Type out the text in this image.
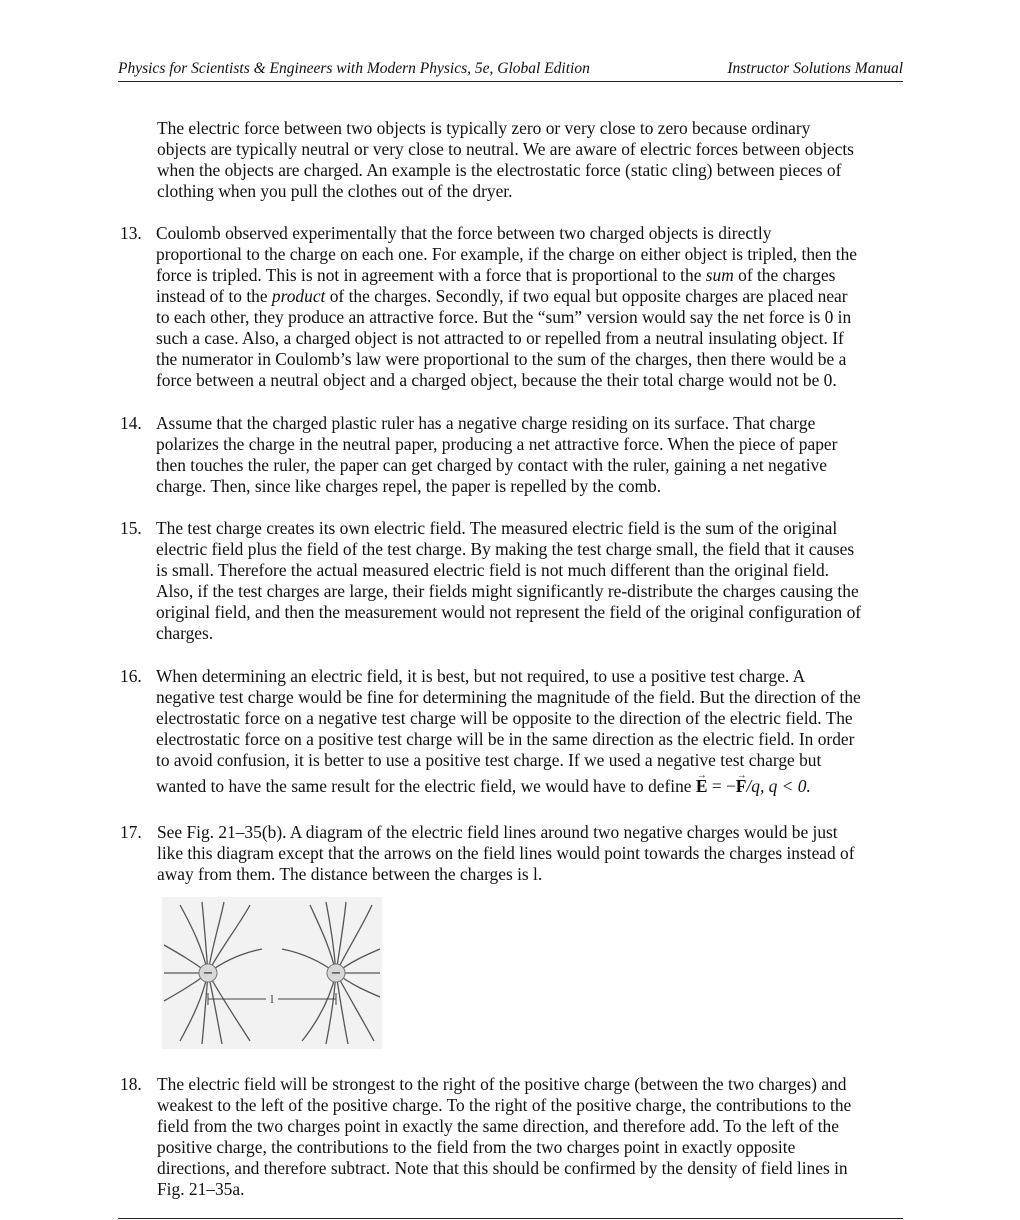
Physics for Scientists & Engineers with Modern Physics, 5e, Global Edition	Instructor Solutions Manual
The electric force between two objects is typically zero or very close to zero because ordinary
objects are typically neutral or very close to neutral. We are aware of electric forces between objects
when the objects are charged. An example is the electrostatic force (static cling) between pieces of
clothing when you pull the clothes out of the dryer.
13. Coulomb observed experimentally that the force between two charged objects is directly
proportional to the charge on each one. For example, if the charge on either object is tripled, then the
force is tripled. This is not in agreement with a force that is proportional to the sum of the charges
instead of to the product of the charges. Secondly, if two equal but opposite charges are placed near
to each other, they produce an attractive force. But the “sum” version would say the net force is 0 in
such a case. Also, a charged object is not attracted to or repelled from a neutral insulating object. If
the numerator in Coulomb’s law were proportional to the sum of the charges, then there would be a
force between a neutral object and a charged object, because the their total charge would not be 0.
14. Assume that the charged plastic ruler has a negative charge residing on its surface. That charge
polarizes the charge in the neutral paper, producing a net attractive force. When the piece of paper
then touches the ruler, the paper can get charged by contact with the ruler, gaining a net negative
charge. Then, since like charges repel, the paper is repelled by the comb.
15. The test charge creates its own electric field. The measured electric field is the sum of the original
electric field plus the field of the test charge. By making the test charge small, the field that it causes
is small. Therefore the actual measured electric field is not much different than the original field.
Also, if the test charges are large, their fields might significantly re-distribute the charges causing the
original field, and then the measurement would not represent the field of the original configuration of
charges.
16. When determining an electric field, it is best, but not required, to use a positive test charge. A
negative test charge would be fine for determining the magnitude of the field. But the direction of the
electrostatic force on a negative test charge will be opposite to the direction of the electric field. The
electrostatic force on a positive test charge will be in the same direction as the electric field. In order
to avoid confusion, it is better to use a positive test charge. If we used a negative test charge but
wanted to have the same result for the electric field, we would have to define → E = −→ F/q, q < 0.
17. See Fig. 21–35(b). A diagram of the electric field lines around two negative charges would be just
like this diagram except that the arrows on the field lines would point towards the charges instead of
away from them. The distance between the charges is l.
l
−	−
18. The electric field will be strongest to the right of the positive charge (between the two charges) and
weakest to the left of the positive charge. To the right of the positive charge, the contributions to the
field from the two charges point in exactly the same direction, and therefore add. To the left of the
positive charge, the contributions to the field from the two charges point in exactly opposite
directions, and therefore subtract. Note that this should be confirmed by the density of field lines in
Fig. 21–35a.
